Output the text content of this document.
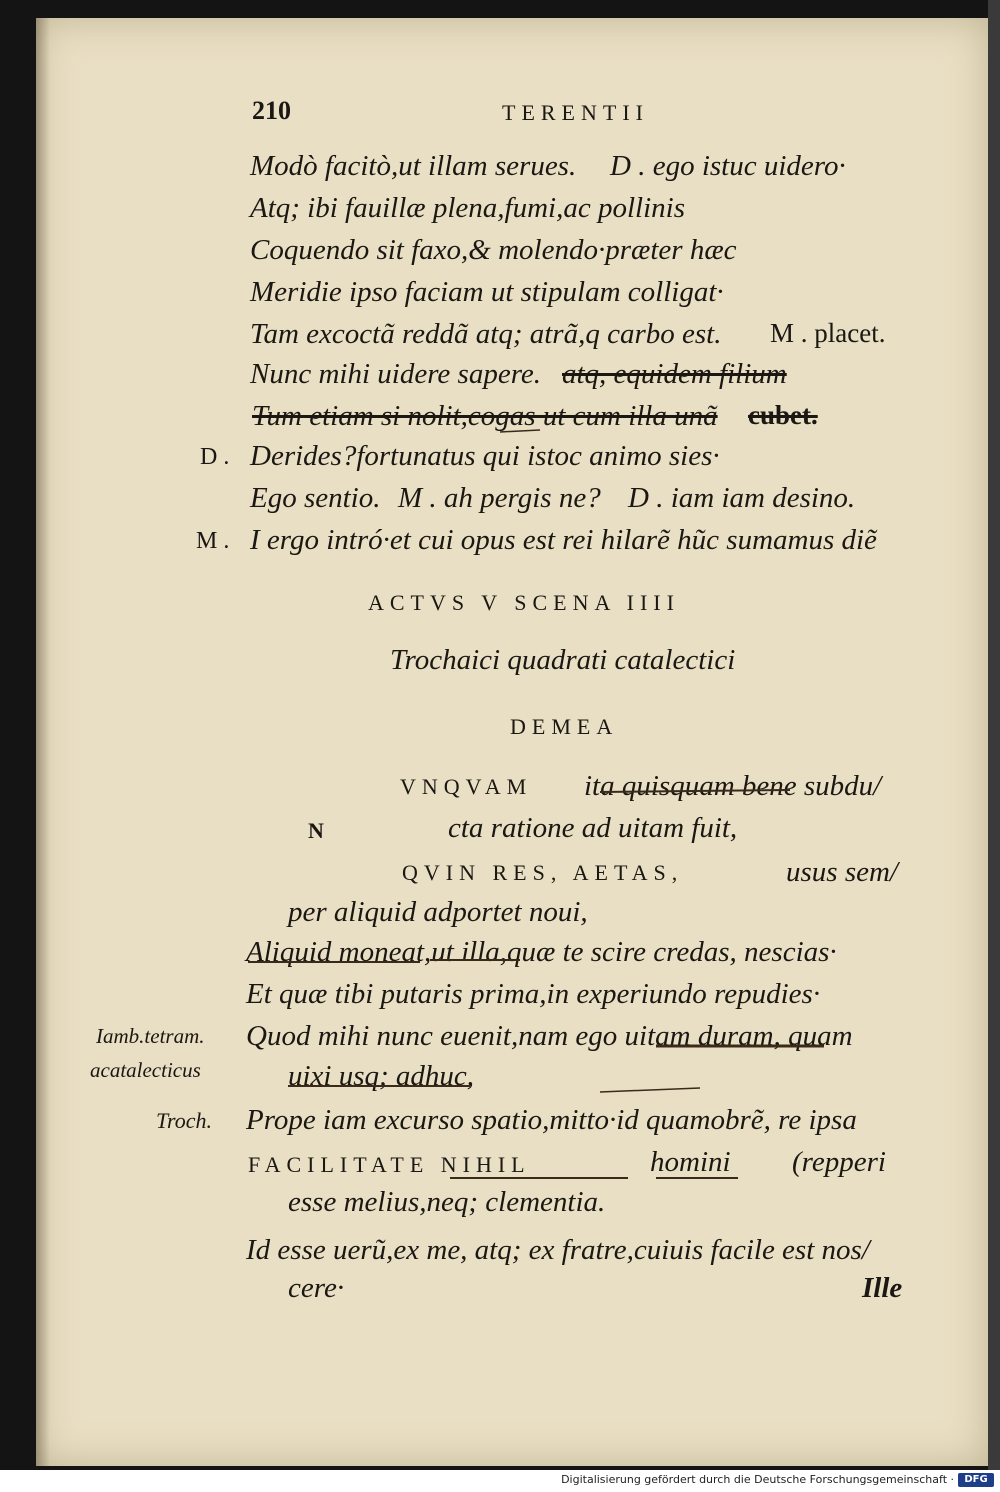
210	TERENTII
Modò facitò,ut illam serues. D . ego istuc uidero·
Atq; ibi fauillæ plena,fumi,ac pollinis
Coquendo sit faxo,& molendo·præter hæc
Meridie ipso faciam ut stipulam colligat·
Tam excoctã reddã atq; atrã,q carbo est. M . placet.
Nunc mihi uidere sapere. atq, equidem filium
Tum etiam si nolit,cogas ut cum illa unã cubet.
D . Derides?fortunatus qui istoc animo sies·
Ego sentio. M . ah pergis ne? D . iam iam desino.
M . I ergo intró·et cui opus est rei hilarẽ hũc sumamus diẽ
ACTVS V SCENA IIII
Trochaici quadrati catalectici
DEMEA
N
VNQVAM ita quisquam bene subdu/
cta ratione ad uitam fuit,
QVIN RES, AETAS,	usus sem/
per aliquid adportet noui,
Aliquid moneat,ut illa,quæ te scire credas, nescias·
Et quæ tibi putaris prima,in experiundo repudies·
Iamb.tetram.
acatalecticus
Quod mihi nunc euenit,nam ego uitam duram, quam
uixi usq; adhuc,
Troch. Prope iam excurso spatio,mitto·id quamobrẽ, re ipsa
FACILITATE NIHIL	homini (repperi
esse melius,neq; clementia.
Id esse uerũ,ex me, atq; ex fratre,cuiuis facile est nos/
cere·	Ille
Digitalisierung gefördert durch die Deutsche Forschungsgemeinschaft ·	DFG
